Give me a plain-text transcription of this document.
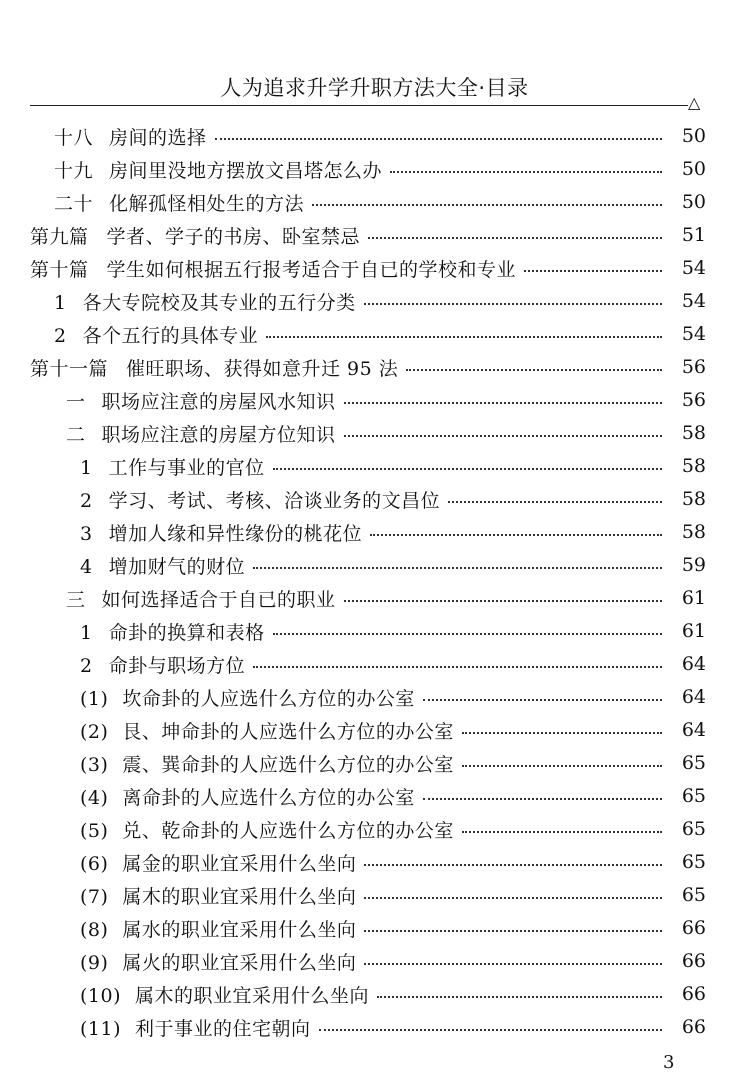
人为追求升学升职方法大全·目录
△
十八 房间的选择	50
十九 房间里没地方摆放文昌塔怎么办	50
二十 化解孤怪相处生的方法	50
第九篇 学者、学子的书房、卧室禁忌	51
第十篇 学生如何根据五行报考适合于自已的学校和专业	54
1 各大专院校及其专业的五行分类	54
2 各个五行的具体专业	54
第十一篇 催旺职场、获得如意升迁 95 法	56
一 职场应注意的房屋风水知识	56
二 职场应注意的房屋方位知识	58
1 工作与事业的官位	58
2 学习、考试、考核、洽谈业务的文昌位	58
3 增加人缘和异性缘份的桃花位	58
4 增加财气的财位	59
三 如何选择适合于自已的职业	61
1 命卦的换算和表格	61
2 命卦与职场方位	64
(1) 坎命卦的人应选什么方位的办公室	64
(2) 艮、坤命卦的人应选什么方位的办公室	64
(3) 震、巽命卦的人应选什么方位的办公室	65
(4) 离命卦的人应选什么方位的办公室	65
(5) 兑、乾命卦的人应选什么方位的办公室	65
(6) 属金的职业宜采用什么坐向	65
(7) 属木的职业宜采用什么坐向	65
(8) 属水的职业宜采用什么坐向	66
(9) 属火的职业宜采用什么坐向	66
(10) 属木的职业宜采用什么坐向	66
(11) 利于事业的住宅朝向	66
3
